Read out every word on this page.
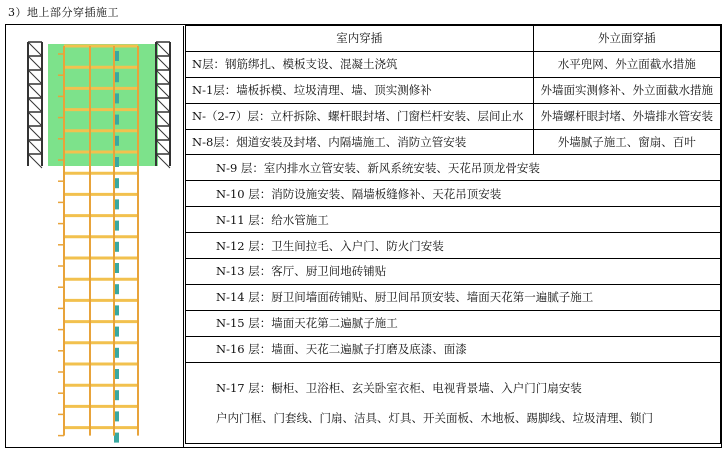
3）地上部分穿插施工
室内穿插	外立面穿插
N层：钢筋绑扎、模板支设、混凝土浇筑	水平兜网、外立面截水措施
N-1层：墙板拆模、垃圾清理、墙、顶实测修补	外墙面实测修补、外立面截水措施
N-（2-7）层：立杆拆除、螺杆眼封堵、门窗栏杆安装、层间止水	外墙螺杆眼封堵、外墙排水管安装
N-8层：烟道安装及封堵、内隔墙施工、消防立管安装	外墙腻子施工、窗扇、百叶
N-9 层：室内排水立管安装、新风系统安装、天花吊顶龙骨安装	
N-10 层：消防设施安装、隔墙板缝修补、天花吊顶安装	
N-11 层：给水管施工	
N-12 层：卫生间拉毛、入户门、防火门安装	
N-13 层：客厅、厨卫间地砖铺贴	
N-14 层：厨卫间墙面砖铺贴、厨卫间吊顶安装、墙面天花第一遍腻子施工	
N-15 层：墙面天花第二遍腻子施工	
N-16 层：墙面、天花二遍腻子打磨及底漆、面漆	

N-17 层：橱柜、卫浴柜、玄关卧室衣柜、电视背景墙、入户门门扇安装
户内门框、门套线、门扇、洁具、灯具、开关面板、木地板、踢脚线、垃圾清理、锁门	
